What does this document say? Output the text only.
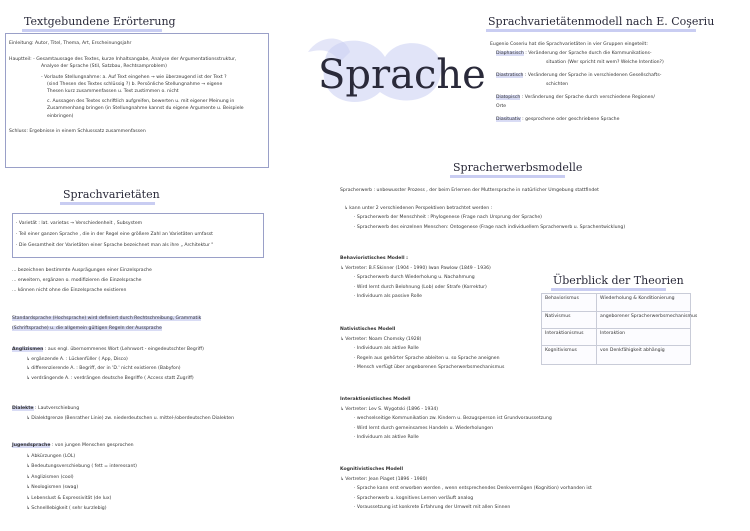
Sprache
Textgebundene Erörterung
Einleitung: Autor, Titel, Thema, Art, Erscheinungsjahr
Hauptteil: - Gesamtaussage des Textes, kurze Inhaltsangabe, Analyse der Argumentationsstruktur,
Analyse der Sprache (Stil, Satzbau, Rechtsamproblem)
- Vorlaute Stellungnahme: a. Auf Text eingehen → wie überzeugend ist der Text ?
(sind Thesen des Textes schlüssig ?) b. Persönliche Stellungnahme → eigene
Thesen kurz zusammenfassen u. Text zustimmen o. nicht
c. Aussagen des Textes schriftlich aufgreifen, bewerten u. mit eigener Meinung in
Zusammenhang bringen (in Stellungnahme kannst du eigene Argumente u. Beispiele
einbringen)
Schluss: Ergebnisse in einem Schlusssatz zusammenfassen
Sprachvarietäten
· Varietät : lat. varietas → Verschiedenheit , Subsystem
· Teil einer ganzen Sprache , die in der Regel eine größere Zahl an Varietäten umfasst
· Die Gesamtheit der Varietäten einer Sprache bezeichnet man als ihre „ Architektur "
... bezeichnen bestimmte Ausprägungen einer Einzelsprache
... erweitern, ergänzen o. modifizieren die Einzelsprache
... können nicht ohne die Einzelsprache existieren
Standardsprache (Hochsprache) wird definiert durch Rechtschreibung, Grammatik
(Schriftsprache) u. die allgemein gültigen Regeln der Aussprache
Anglizismen : aus engl. übernommenes Wort (Lehnwort - eingedeutschter Begriff)
↳ ergänzende A. : Lückenfüller ( App, Disco)
↳ differenzierende A. : Begriff, der in 'D.' nicht existieren (Babyfon)
↳ verdrängende A. : verdrängen deutsche Begriffe ( Access statt Zugriff)
Dialekte : Lautverschiebung
↳ Dialektgrenze (Benrather Linie) zw. niederdeutschen u. mittel-/oberdeutschen Dialekten
Jugendsprache : von jungen Menschen gesprochen
↳ Abkürzungen (LOL)
↳ Bedeutungsverschiebung ( fett = interessant)
↳ Anglizismen (cool)
↳ Neologismen (swag)
↳ Lebenslust & Expressivität (de lux)
↳ Schnelllebigkeit ( sehr kurzlebig)
Sprachvarietätenmodell nach E. Coşeriu
Eugenio Coseriu hat die Sprachvarietäten in vier Gruppen eingeteilt:
Diaphasisch : Veränderung der Sprache durch die Kommunikations-
situation (Wer spricht mit wem? Welche Intention?)
Diastratisch : Veränderung der Sprache in verschiedenen Gesellschafts-
schichten
Diatopisch : Veränderung der Sprache durch verschiedene Regionen/
Orte
Diasituativ : gesprochene oder geschriebene Sprache
Spracherwerbsmodelle
Spracherwerb : unbewusster Prozess , der beim Erlernen der Muttersprache in natürlicher Umgebung stattfindet
↳ kann unter 2 verschiedenen Perspektiven betrachtet werden :
· Spracherwerb der Menschheit : Phylogenese (Frage nach Ursprung der Sprache)
· Spracherwerb des einzelnen Menschen: Ontogenese (Frage nach individuellem Spracherwerb u. Sprachentwicklung)
Behavioristisches Modell :
↳ Vertreter: B.F.Skinner (1904 - 1990) Iwan Pawlow (1849 - 1936)
· Spracherwerb durch Wiederholung u. Nachahmung
· Wird lernt durch Belohnung (Lob) oder Strafe (Korrektur)
· Individuum als passive Rolle
Nativistisches Modell
↳ Vertreter: Noam Chomsky (1928)
· Individuum als aktive Rolle
· Regeln aus gehörter Sprache ableiten u. so Sprache aneignen
· Mensch verfügt über angeborenen Spracherwerbsmechanismus
Interaktionistisches Modell
↳ Vertreter: Lev S. Wygotski (1896 - 1934)
· wechselseitige Kommunikation zw. Kindern u. Bezugsperson ist Grundvoraussetzung
· Wird lernt durch gemeinsames Handeln u. Wiederholungen
· Individuum als aktive Rolle
Kognitivistisches Modell
↳ Vertreter: Jean Piaget (1896 - 1980)
· Sprache kann erst erworben werden , wenn entsprechendes Denkvermögen (Kognition) vorhanden ist
· Spracherwerb u. kognitives Lernen verläuft analog
· Voraussetzung ist konkrete Erfahrung der Umwelt mit allen Sinnen
Überblick der Theorien
Behaviorismus	Wiederholung & Konditionierung
Nativismus	angeborener Spracherwerbsmechanismus
Interaktionismus	Interaktion
Kognitivismus	von Denkfähigkeit abhängig
